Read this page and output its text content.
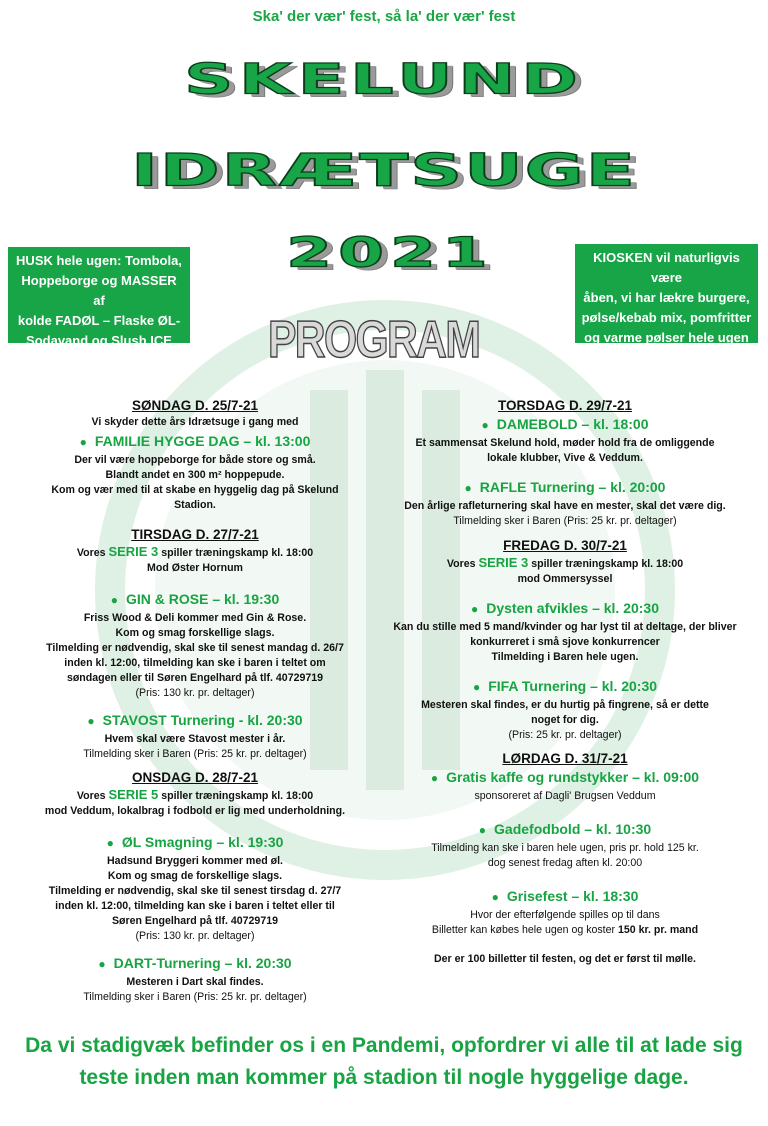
Ska' der vær' fest, så la' der vær' fest
SKELUND
IDRÆTSUGE
2021
PROGRAM
HUSK hele ugen: Tombola,
Hoppeborge og MASSER af
kolde FADØL – Flaske ØL-
Sodavand og Slush ICE
på Sorgenfri ☺
KIOSKEN vil naturligvis være
åben, vi har lækre burgere,
pølse/kebab mix, pomfritter
og varme pølser hele ugen
på Sorgenfri ☺
SØNDAG D. 25/7-21
Vi skyder dette års Idrætsuge i gang med
● FAMILIE HYGGE DAG – kl. 13:00
Der vil være hoppeborge for både store og små.
Blandt andet en 300 m² hoppepude.
Kom og vær med til at skabe en hyggelig dag på Skelund Stadion.
TIRSDAG D. 27/7-21
Vores SERIE 3 spiller træningskamp kl. 18:00
Mod Øster Hornum
● GIN & ROSE – kl. 19:30
Friss Wood & Deli kommer med Gin & Rose.
Kom og smag forskellige slags.
Tilmelding er nødvendig, skal ske til senest mandag d. 26/7
inden kl. 12:00, tilmelding kan ske i baren i teltet om
søndagen eller til Søren Engelhard på tlf. 40729719
(Pris: 130 kr. pr. deltager)
● STAVOST Turnering - kl. 20:30
Hvem skal være Stavost mester i år.
Tilmelding sker i Baren (Pris: 25 kr. pr. deltager)
ONSDAG D. 28/7-21
Vores SERIE 5 spiller træningskamp kl. 18:00
mod Veddum, lokalbrag i fodbold er lig med underholdning.
● ØL Smagning – kl. 19:30
Hadsund Bryggeri kommer med øl.
Kom og smag de forskellige slags.
Tilmelding er nødvendig, skal ske til senest tirsdag d. 27/7
inden kl. 12:00, tilmelding kan ske i baren i teltet eller til
Søren Engelhard på tlf. 40729719
(Pris: 130 kr. pr. deltager)
● DART-Turnering – kl. 20:30
Mesteren i Dart skal findes.
Tilmelding sker i Baren (Pris: 25 kr. pr. deltager)
TORSDAG D. 29/7-21
● DAMEBOLD – kl. 18:00
Et sammensat Skelund hold, møder hold fra de omliggende
lokale klubber, Vive & Veddum.
● RAFLE Turnering – kl. 20:00
Den årlige rafleturnering skal have en mester, skal det være dig.
Tilmelding sker i Baren (Pris: 25 kr. pr. deltager)
FREDAG D. 30/7-21
Vores SERIE 3 spiller træningskamp kl. 18:00
mod Ommersyssel
● Dysten afvikles – kl. 20:30
Kan du stille med 5 mand/kvinder og har lyst til at deltage, der bliver
konkurreret i små sjove konkurrencer
Tilmelding i Baren hele ugen.
● FIFA Turnering – kl. 20:30
Mesteren skal findes, er du hurtig på fingrene, så er dette
noget for dig.
(Pris: 25 kr. pr. deltager)
LØRDAG D. 31/7-21
● Gratis kaffe og rundstykker – kl. 09:00
sponsoreret af Dagli' Brugsen Veddum
● Gadefodbold – kl. 10:30
Tilmelding kan ske i baren hele ugen, pris pr. hold 125 kr.
dog senest fredag aften kl. 20:00
● Grisefest – kl. 18:30
Hvor der efterfølgende spilles op til dans
Billetter kan købes hele ugen og koster 150 kr. pr. mand
Der er 100 billetter til festen, og det er først til mølle.
Da vi stadigvæk befinder os i en Pandemi, opfordrer vi alle til at lade sig
teste inden man kommer på stadion til nogle hyggelige dage.
